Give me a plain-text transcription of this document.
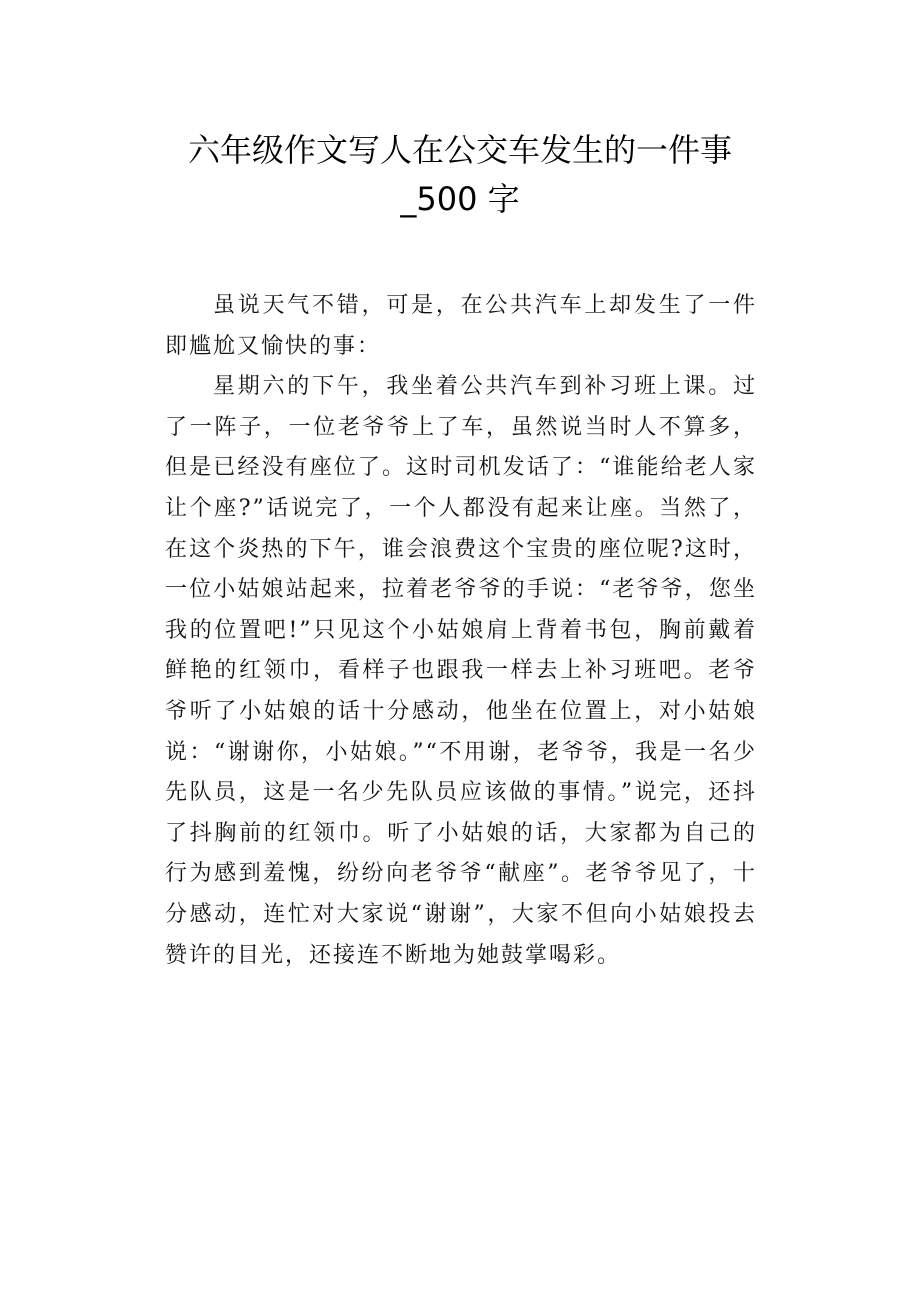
六年级作文写人在公交车发生的一件事
_500 字

虽说天气不错，可是，在公共汽车上却发生了一件即尴尬又愉快的事：

星期六的下午，我坐着公共汽车到补习班上课。过了一阵子，一位老爷爷上了车，虽然说当时人不算多，但是已经没有座位了。这时司机发话了：“谁能给老人家让个座?”话说完了，一个人都没有起来让座。当然了，在这个炎热的下午，谁会浪费这个宝贵的座位呢?这时，一位小姑娘站起来，拉着老爷爷的手说：“老爷爷，您坐我的位置吧!”只见这个小姑娘肩上背着书包，胸前戴着鲜艳的红领巾，看样子也跟我一样去上补习班吧。老爷爷听了小姑娘的话十分感动，他坐在位置上，对小姑娘说：“谢谢你，小姑娘。”“不用谢，老爷爷，我是一名少先队员，这是一名少先队员应该做的事情。”说完，还抖了抖胸前的红领巾。听了小姑娘的话，大家都为自己的行为感到羞愧，纷纷向老爷爷“献座”。老爷爷见了，十分感动，连忙对大家说“谢谢”，大家不但向小姑娘投去赞许的目光，还接连不断地为她鼓掌喝彩。
